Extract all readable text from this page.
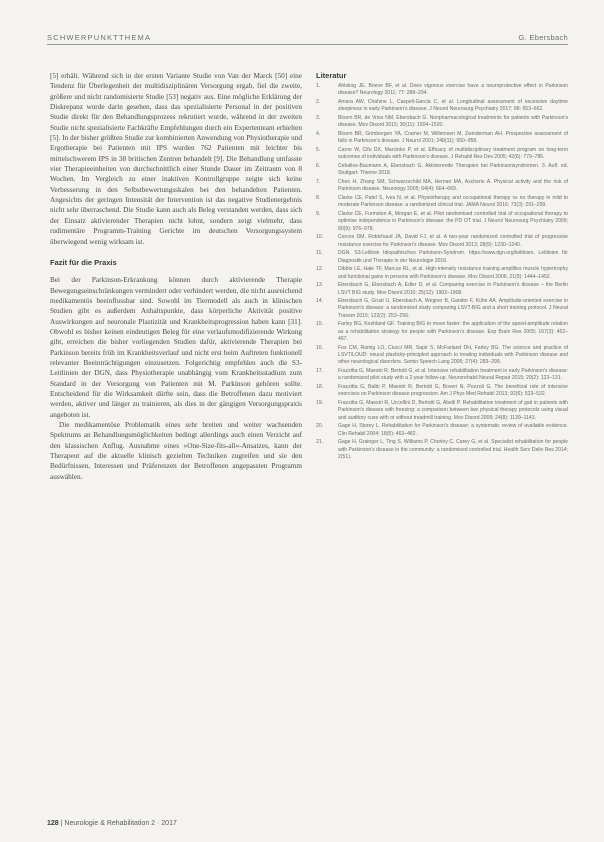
SCHWERPUNKTTHEMA	G. Ebersbach

[5] erhält. Während sich in der ersten Variante Studie von Van der Marck [50] eine Tendenz für Überlegenheit der multidisziplinären Versorgung ergab, fiel die zweite, größere und nicht randomisierte Studie [53] negativ aus. Eine mögliche Erklärung der Diskrepanz wurde darin gesehen, dass das spezialisierte Personal in der positiven Studie direkt für den Behandlungsprozess rekrutiert wurde, während in der zweiten Studie nicht spezialisierte Fachkräfte Empfehlungen durch ein Expertenteam erhielten [5]. In der bisher größten Studie zur kombinierten Anwendung von Physiotherapie und Ergotherapie bei Patienten mit IPS wurden 762 Patienten mit leichter bis mittelschwerem IPS in 38 britischen Zentren behandelt [9]. Die Behandlung umfasste vier Therapieeinheiten von durchschnittlich einer Stunde Dauer im Zeitraum von 8 Wochen. Im Vergleich zu einer inaktiven Kontrollgruppe zeigte sich keine Verbesserung in den Selbstbewertungsskalen bei den behandelten Patienten. Angesichts der geringen Intensität der Intervention ist das negative Studienergebnis nicht sehr überraschend. Die Studie kann auch als Beleg verstanden werden, dass sich der Einsatz aktivierender Therapien nicht lohnt, sondern zeigt vielmehr, dass rudimentäre Programm-Training Gerichte im deutschen Versorgungssystem überwiegend wenig wirksam ist.

Fazit für die Praxis

Bei der Parkinson-Erkrankung können durch aktivierende Therapie Bewegungseinschränkungen vermindert oder verhindert werden, die nicht ausreichend medikamentös beeinflussbar sind. Sowohl im Tiermodell als auch in klinischen Studien gibt es außerdem Anhaltspunkte, dass körperliche Aktivität positive Auswirkungen auf neuronale Plastizität und Krankheitsprogression haben kann [31]. Obwohl es bisher keinen eindeutigen Beleg für eine verlaufsmodifizierende Wirkung gibt, erreichen die bisher vorliegenden Studien dafür, aktivierende Therapien bei Parkinson bereits früh im Krankheitsverlauf und nicht erst beim Auftreten funktionell relevanter Beeinträchtigungen einzusetzen. Folgerichtig empfehlen auch die S3-Leitlinien der DGN, dass Physiotherapie unabhängig vom Krankheitsstadium zum Standard in der Versorgung von Patienten mit M. Parkinson gehören sollte. Entscheidend für die Wirksamkeit dürfte sein, dass die Betroffenen dazu motiviert werden, aktiver und länger zu trainieren, als dies in der gängigen Versorgungspraxis angeboten ist.

Die medikamentöse Problematik eines sehr breiten und weiter wachsenden Spektrums an Behandlungsmöglichkeiten bedingt allerdings auch einen Verzicht auf den klassischen Anflug. Ausnahme eines »One-Size-fits-all«-Ansatzes, kann der Therapeut auf die aktuelle klinisch gezielten Techniken zugreifen und sie den Bedürfnissen, Interessen und Präferenzen der Betroffenen angepassten Programm auswählen.

Literatur
1.	Ahlskog JE, Boeve BF, et al. Does vigorous exercise have a neuroprotective effect in Parkinson disease? Neurology 2011; 77: 288–294.
2.	Amara AW, Chahine L, Caspell-Garcia C, et al. Longitudinal assessment of excessive daytime sleepiness in early Parkinson's disease. J Neurol Neurosurg Psychiatry 2017; 88: 653–662.
3.	Bloem BR, de Vries NM, Ebersbach G. Nonpharmacological treatments for patients with Parkinson's disease. Mov Disord 2015; 30(11): 1504–1520.
4.	Bloem BR, Grimbergen YA, Cramer M, Willemsen M, Zwinderman AH. Prospective assessment of falls in Parkinson's disease. J Neurol 2001; 248(11): 950–958.
5.	Carne W, Cifu DX, Marcinko P, et al. Efficacy of multidisciplinary treatment program on long-term outcomes of individuals with Parkinson's disease. J Rehabil Res Dev 2005; 42(6): 779–786.
6.	Ceballos-Baumann A, Ebersbach G. Aktivierende Therapien bei Parkinsonsyndromen. 3. Aufl. ed. Stuttgart: Thieme 2018.
7.	Chen H, Zhang SM, Schwarzschild MA, Hernan MA, Ascherio A. Physical activity and the risk of Parkinson disease. Neurology 2005; 64(4): 664–669.
8.	Clarke CE, Patel S, Ives N, et al. Physiotherapy and occupational therapy vs no therapy in mild to moderate Parkinson disease: a randomized clinical trial. JAMA Neurol 2016; 73(3): 291–299.
9.	Clarke CE, Furmston A, Morgan E, et al. Pilot randomised controlled trial of occupational therapy to optimise independence in Parkinson's disease: the PD OT trial. J Neurol Neurosurg Psychiatry 2009; 80(9): 976–978.
10.	Corcos DM, Robichaud JA, David FJ, et al. A two-year randomized controlled trial of progressive resistance exercise for Parkinson's disease. Mov Disord 2013; 28(9): 1230–1240.
11.	DGN. S3-Leitlinie Idiopathisches Parkinson-Syndrom. https://www.dgn.org/leitlinien. Leitlinien für Diagnostik und Therapie in der Neurologie 2016.
12.	Dibble LE, Hale TF, Marcus RL, et al. High-intensity resistance training amplifies muscle hypertrophy and functional gains in persons with Parkinson's disease. Mov Disord 2006; 21(9): 1444–1452.
13.	Ebersbach G, Ebersbach A, Edler D, et al. Comparing exercise in Parkinson's disease – the Berlin LSVT BIG study. Mov Disord 2010; 25(12): 1902–1908.
14.	Ebersbach G, Grust U, Ebersbach A, Wegner B, Gandor F, Kühn AA. Amplitude-oriented exercise in Parkinson's disease: a randomized study comparing LSVT-BIG and a short training protocol. J Neural Transm 2015; 122(2): 253–256.
15.	Farley BG, Koshland GF. Training BIG to move faster: the application of the speed-amplitude relation as a rehabilitation strategy for people with Parkinson's disease. Exp Brain Res 2005; 167(3): 462–467.
16.	Fox CM, Ramig LO, Ciucci MR, Sapir S, McFarland DH, Farley BG. The science and practice of LSVT/LOUD: neural plasticity-principled approach to treating individuals with Parkinson disease and other neurological disorders. Semin Speech Lang 2006; 27(4): 283–299.
17.	Frazzitta G, Maestri R, Bertotti G, et al. Intensive rehabilitation treatment in early Parkinson's disease: a randomized pilot study with a 2-year follow-up. Neurorehabil Neural Repair 2015; 29(2): 123–131.
18.	Frazzitta G, Balbi P, Maestri R, Bertotti G, Boveri N, Pezzoli G. The beneficial role of intensive exercises on Parkinson disease progression. Am J Phys Med Rehabil 2013; 92(6): 523–532.
19.	Frazzitta G, Maestri R, Uccellini D, Bertotti G, Abelli P. Rehabilitation treatment of gait in patients with Parkinson's disease with freezing: a comparison between two physical therapy protocols using visual and auditory cues with or without treadmill training. Mov Disord 2009; 24(8): 1139–1143.
20.	Gage H, Storey L. Rehabilitation for Parkinson's disease: a systematic review of available evidence. Clin Rehabil 2004; 18(5): 463–482.
21.	Gage H, Grainger L, Ting S, Williams P, Chorley C, Carey G, et al. Specialist rehabilitation for people with Parkinson's disease in the community: a randomised controlled trial. Health Serv Deliv Res 2014; 2(51).
128 | Neurologie & Rehabilitation 2 · 2017
